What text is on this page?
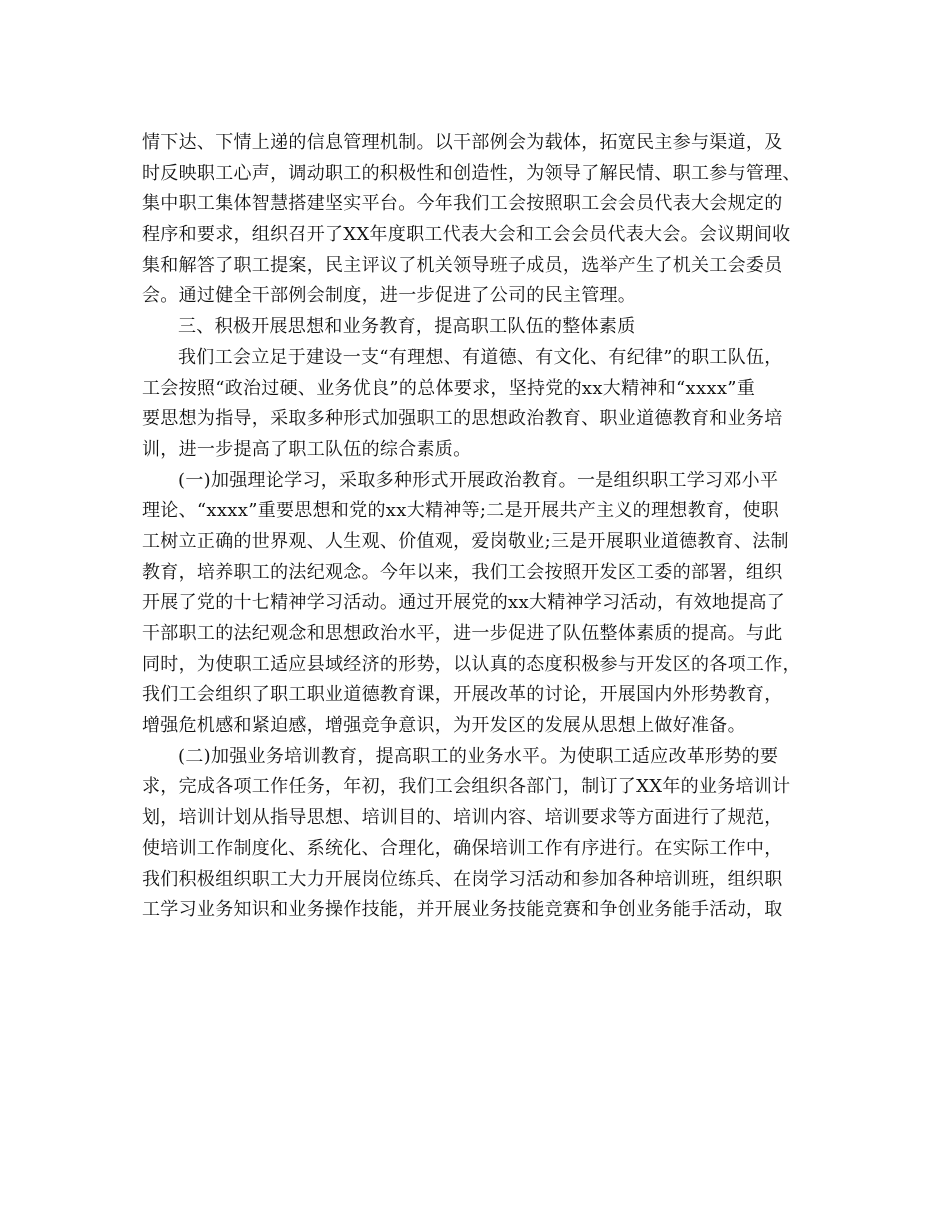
情下达、下情上递的信息管理机制。以干部例会为载体，拓宽民主参与渠道，及
时反映职工心声，调动职工的积极性和创造性，为领导了解民情、职工参与管理、
集中职工集体智慧搭建坚实平台。今年我们工会按照职工会会员代表大会规定的
程序和要求，组织召开了XX年度职工代表大会和工会会员代表大会。会议期间收
集和解答了职工提案，民主评议了机关领导班子成员，选举产生了机关工会委员
会。通过健全干部例会制度，进一步促进了公司的民主管理。
三、积极开展思想和业务教育，提高职工队伍的整体素质
我们工会立足于建设一支“有理想、有道德、有文化、有纪律”的职工队伍，
工会按照“政治过硬、业务优良”的总体要求，坚持党的xx大精神和“xxxx”重
要思想为指导，采取多种形式加强职工的思想政治教育、职业道德教育和业务培
训，进一步提高了职工队伍的综合素质。
(一)加强理论学习，采取多种形式开展政治教育。一是组织职工学习邓小平
理论、“xxxx”重要思想和党的xx大精神等;二是开展共产主义的理想教育，使职
工树立正确的世界观、人生观、价值观，爱岗敬业;三是开展职业道德教育、法制
教育，培养职工的法纪观念。今年以来，我们工会按照开发区工委的部署，组织
开展了党的十七精神学习活动。通过开展党的xx大精神学习活动，有效地提高了
干部职工的法纪观念和思想政治水平，进一步促进了队伍整体素质的提高。与此
同时，为使职工适应县域经济的形势，以认真的态度积极参与开发区的各项工作，
我们工会组织了职工职业道德教育课，开展改革的讨论，开展国内外形势教育，
增强危机感和紧迫感，增强竞争意识，为开发区的发展从思想上做好准备。
(二)加强业务培训教育，提高职工的业务水平。为使职工适应改革形势的要
求，完成各项工作任务，年初，我们工会组织各部门，制订了XX年的业务培训计
划，培训计划从指导思想、培训目的、培训内容、培训要求等方面进行了规范，
使培训工作制度化、系统化、合理化，确保培训工作有序进行。在实际工作中，
我们积极组织职工大力开展岗位练兵、在岗学习活动和参加各种培训班，组织职
工学习业务知识和业务操作技能，并开展业务技能竞赛和争创业务能手活动，取
